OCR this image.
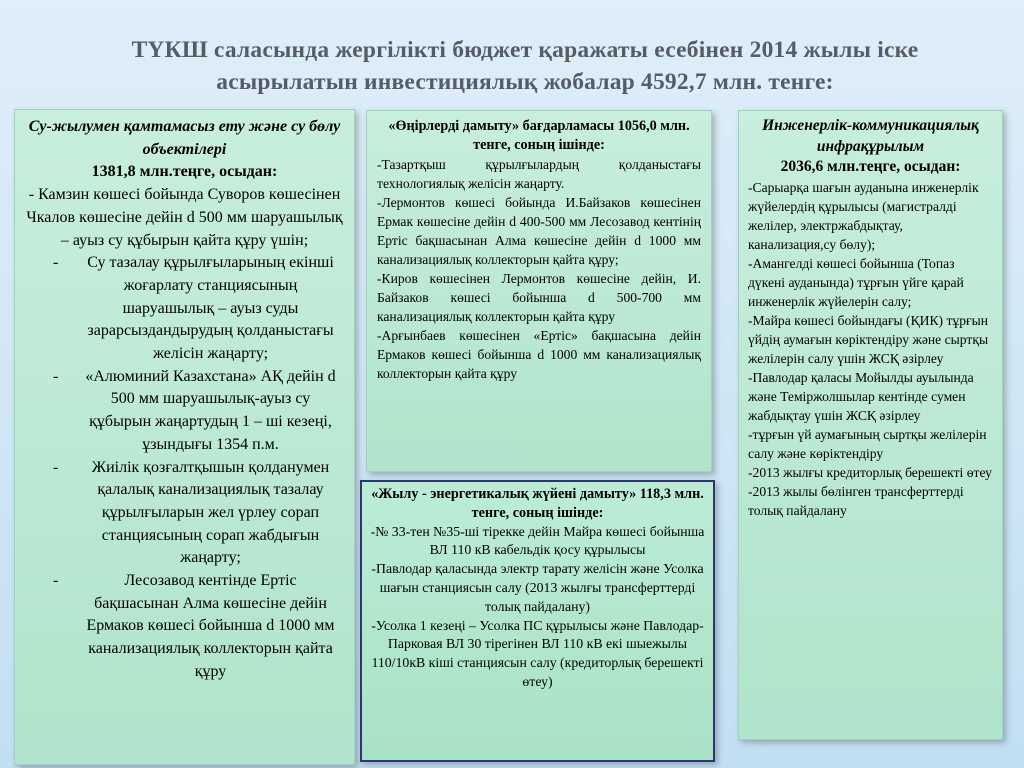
ТҮКШ саласында жергілікті бюджет қаражаты есебінен 2014 жылы іске асырылатын инвестициялық жобалар 4592,7 млн. тенге:
Су-жылумен қамтамасыз ету және су бөлу объектілері
1381,8 млн.теңге, осыдан:
- Камзин көшесі бойында Суворов көшесінен Чкалов көшесіне дейін d 500 мм шаруашылық – ауыз су құбырын қайта құру үшін;
- Су тазалау құрылғыларының екінші жоғарлату станциясының шаруашылық – ауыз суды зарарсыздандырудың қолданыстағы желісін жаңарту;
- «Алюминий Казахстана» АҚ дейін d 500 мм шаруашылық-ауыз су құбырын жаңартудың 1 – ші кезеңі, ұзындығы 1354 п.м.
- Жиілік қозғалтқышын қолданумен қалалық канализациялық тазалау құрылғыларын жел үрлеу сорап станциясының сорап жабдығын жаңарту;
-	Лесозавод кентінде Ертіс бақшасынан Алма көшесіне дейін Ермаков көшесі бойынша d 1000 мм канализациялық коллекторын қайта құру
«Өңірлерді дамыту» бағдарламасы 1056,0 млн. тенге, соның ішінде:

-Тазартқыш құрылғылардың қолданыстағы технологиялық желісін жаңарту.

-Лермонтов көшесі бойында И.Байзаков көшесінен Ермак көшесіне дейін d 400-500 мм Лесозавод кентінің Ертіс бақшасынан Алма көшесіне дейін d 1000 мм канализациялық коллекторын қайта құру;

-Киров көшесінен Лермонтов көшесіне дейін, И. Байзаков көшесі бойынша d 500-700 мм канализациялық коллекторын қайта құру

-Арғынбаев көшесінен «Ертіс» бақшасына дейін Ермаков көшесі бойынша d 1000 мм канализациялық коллекторын қайта құру

«Жылу - энергетикалық жүйені дамыту» 118,3 млн. тенге, соның ішінде:

-№ 33-тен №35-ші тірекке дейін Майра көшесі бойынша ВЛ 110 кВ кабельдік қосу құрылысы

-Павлодар қаласында электр тарату желісін және Усолка шағын станциясын салу (2013 жылғы трансферттерді толық пайдалану)

-Усолка 1 кезеңі – Усолка ПС құрылысы және Павлодар-Парковая ВЛ 30 тірегінен ВЛ 110 кВ екі шыежылы 110/10кВ кіші станциясын салу (кредиторлық берешекті өтеу)

Инженерлік-коммуникациялық инфрақұрылым
2036,6 млн.теңге, осыдан:

-Сарыарқа шағын ауданына инженерлік жүйелердің құрылысы (магистралді желілер, электржабдықтау, канализация,су бөлу);

-Амангелді көшесі бойынша (Топаз дүкені ауданында) тұрғын үйге қарай инженерлік жүйелерін салу;

-Майра көшесі бойындағы (ҚИК) тұрғын үйдің аумағын көріктендіру және сыртқы желілерін салу үшін ЖСҚ әзірлеу

-Павлодар қаласы Мойылды ауылында және Теміржолшылар кентінде сумен жабдықтау үшін ЖСҚ әзірлеу

-тұрғын үй аумағының сыртқы желілерін салу және көріктендіру

-2013 жылғы кредиторлық берешекті өтеу

-2013 жылы бөлінген трансферттерді толық пайдалану
